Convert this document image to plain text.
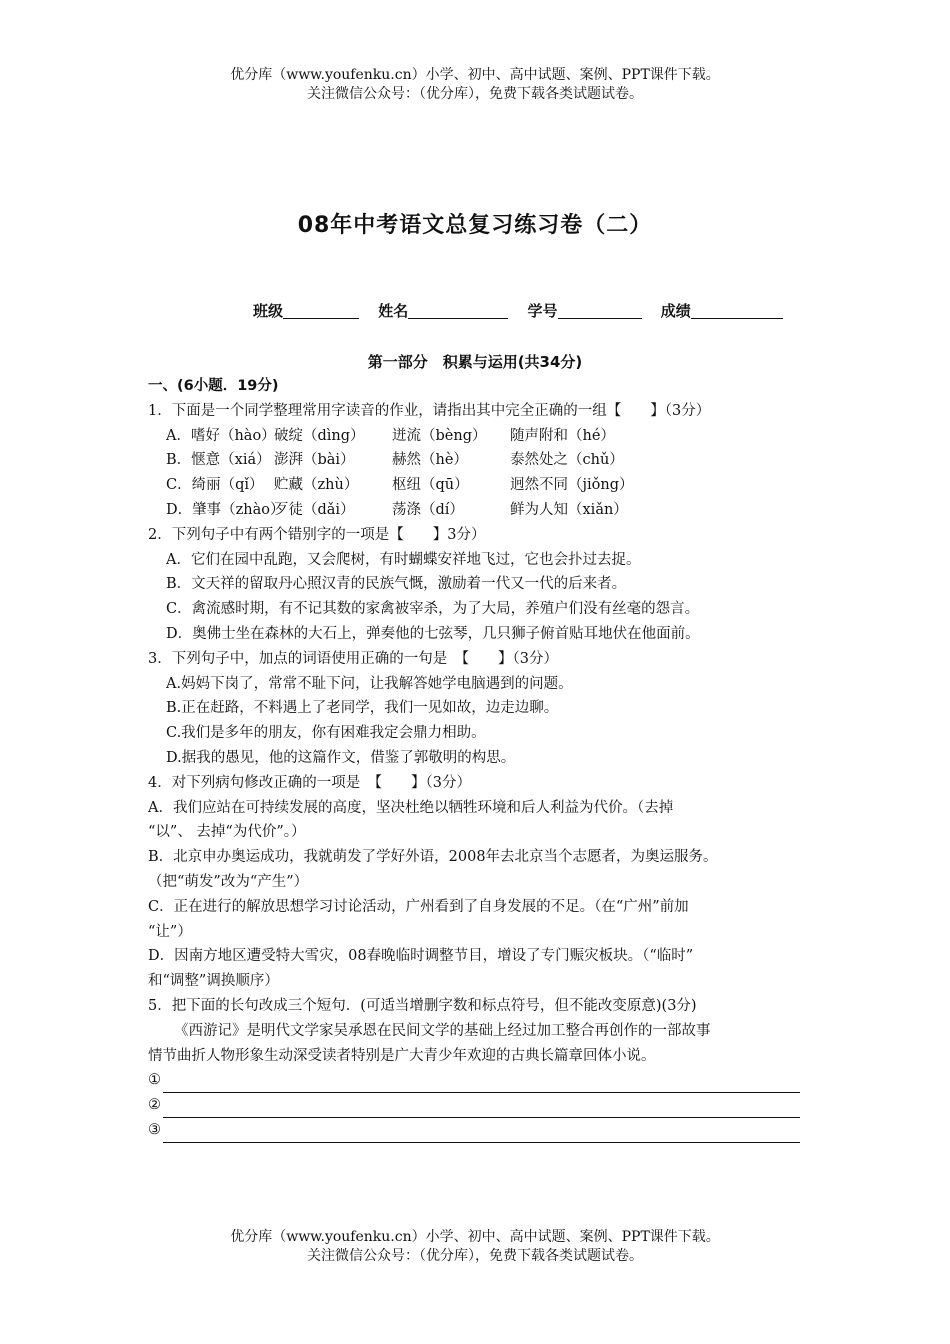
优分库（www.youfenku.cn）小学、初中、高中试题、案例、PPT课件下载。
关注微信公众号：（优分库），免费下载各类试题试卷。
08年中考语文总复习练习卷（二）
班级	姓名	学号	成绩
第一部分　积累与运用(共34分)
一、(6小题．19分)
1．下面是一个同学整理常用字读音的作业，请指出其中完全正确的一组【　　】（3分）
A．嗜好（hào）破绽（dìng） 迸流（bèng） 随声附和（hé）
B．惬意（xiá） 澎湃（bài）	赫然（hè）	泰然处之（chǔ）
C．绮丽（qǐ） 贮藏（zhù） 枢纽（qū）	迥然不同（jiǒng）
D．肇事（zhào）歹徒（dǎi）	荡涤（dí）	鲜为人知（xiǎn）
2．下列句子中有两个错别字的一项是【　　】3分）
A．它们在园中乱跑，又会爬树，有时蝴蝶安祥地飞过，它也会扑过去捉。
B．文天祥的留取丹心照汉青的民族气慨，激励着一代又一代的后来者。
C．禽流感时期，有不记其数的家禽被宰杀，为了大局，养殖户们没有丝毫的怨言。
D．奥佛士坐在森林的大石上，弹奏他的七弦琴，几只狮子俯首贴耳地伏在他面前。
3．下列句子中，加点的词语使用正确的一句是　【　　】（3分）
A.妈妈下岗了，常常不耻下问，让我解答她学电脑遇到的问题。
B.正在赶路，不料遇上了老同学，我们一见如故，边走边聊。
C.我们是多年的朋友，你有困难我定会鼎力相助。
D.据我的愚见，他的这篇作文，借鉴了郭敬明的构思。
4．对下列病句修改正确的一项是　【　　】（3分）
A．我们应站在可持续发展的高度，坚决杜绝以牺牲环境和后人利益为代价。（去掉
“以”、 去掉“为代价”。）
B．北京申办奥运成功，我就萌发了学好外语，2008年去北京当个志愿者，为奥运服务。
（把“萌发”改为“产生”）
C．正在进行的解放思想学习讨论活动，广州看到了自身发展的不足。（在“广州”前加
“让”）
D．因南方地区遭受特大雪灾，08春晚临时调整节目，增设了专门赈灾板块。（“临时”
和“调整”调换顺序）
5．把下面的长句改成三个短句．(可适当增删字数和标点符号，但不能改变原意)(3分)
《西游记》是明代文学家吴承恩在民间文学的基础上经过加工整合再创作的一部故事
情节曲折人物形象生动深受读者特别是广大青少年欢迎的古典长篇章回体小说。
①
②
③
优分库（www.youfenku.cn）小学、初中、高中试题、案例、PPT课件下载。
关注微信公众号：（优分库），免费下载各类试题试卷。
